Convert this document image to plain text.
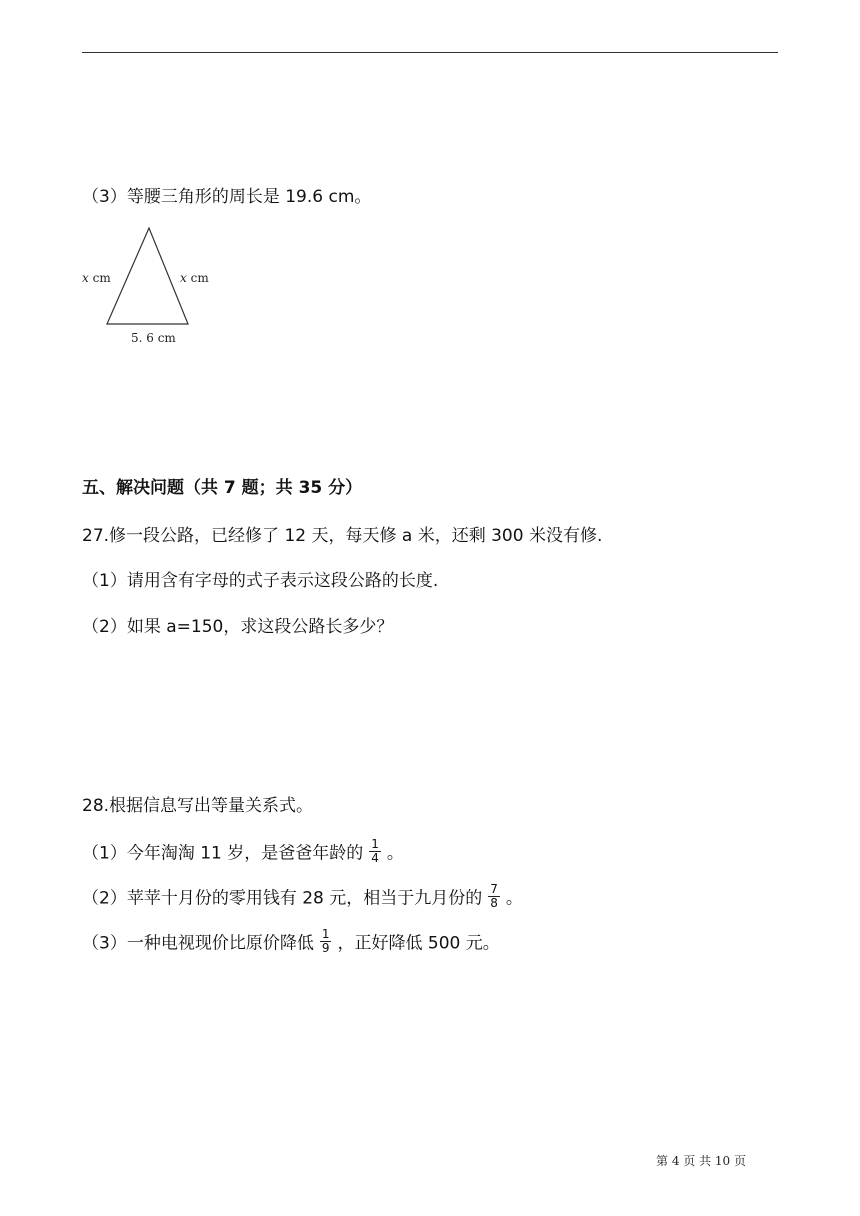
（3）等腰三角形的周长是 19.6 cm。
x cm	x cm
5. 6 cm
五、解决问题（共 7 题；共 35 分）
27.修一段公路，已经修了 12 天，每天修 a 米，还剩 300 米没有修.
（1）请用含有字母的式子表示这段公路的长度.
（2）如果 a=150，求这段公路长多少？
28.根据信息写出等量关系式。
（1）今年淘淘 11 岁，是爸爸年龄的 $\frac{1}{4}$ 。
（2）苹苹十月份的零用钱有 28 元，相当于九月份的 $\frac{7}{8}$ 。
（3）一种电视现价比原价降低 $\frac{1}{9}$ ，正好降低 500 元。
第 4 页 共 10 页
